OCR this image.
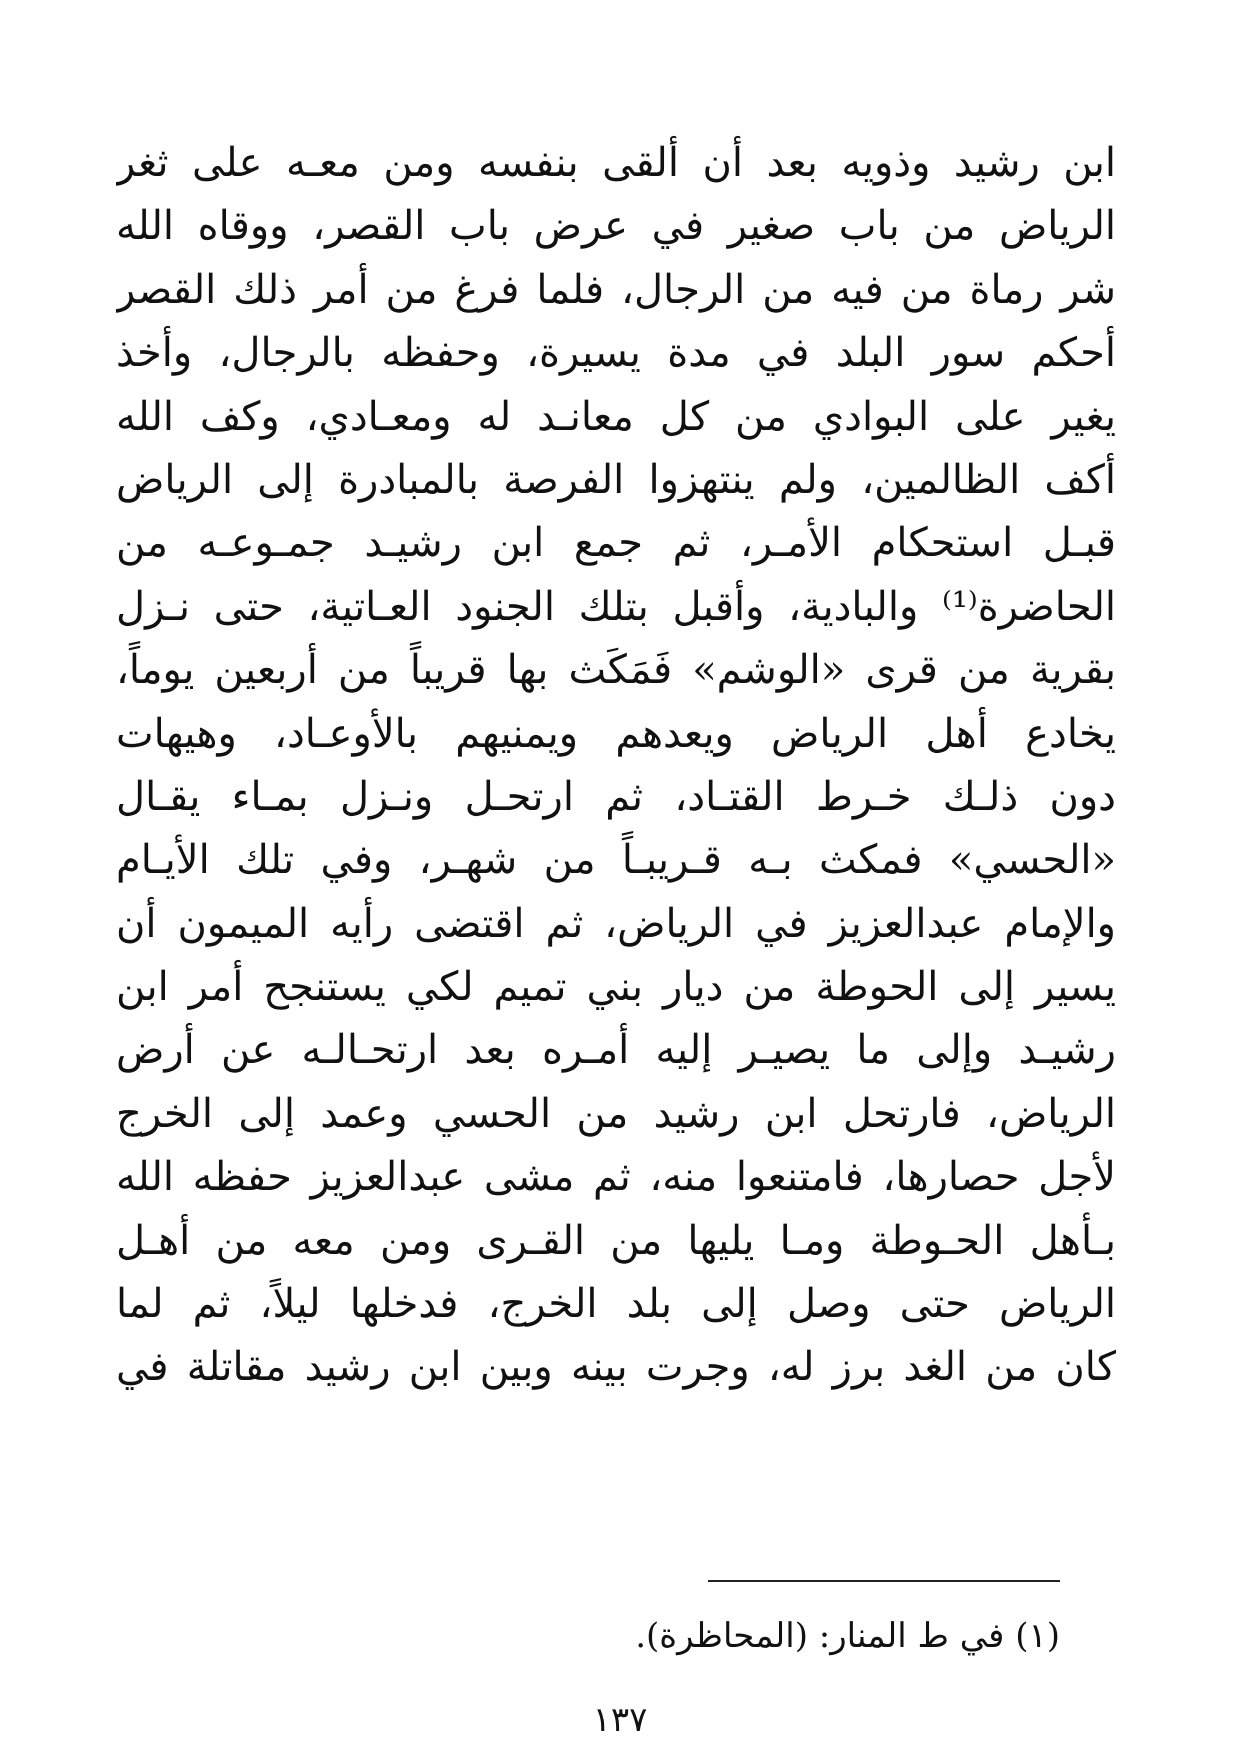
ابن رشيد وذويه بعد أن ألقى بنفسه ومن معـه على ثغر
الرياض من باب صغير في عرض باب القصر، ووقاه الله
شر رماة من فيه من الرجال، فلما فرغ من أمر ذلك القصر
أحكم سور البلد في مدة يسيرة، وحفظه بالرجال، وأخذ
يغير على البوادي من كل معانـد له ومعـادي، وكف الله
أكف الظالمين، ولم ينتهزوا الفرصة بالمبادرة إلى الرياض
قبـل استحكام الأمـر، ثم جمع ابن رشيـد جمـوعـه من
الحاضرة⁽¹⁾ والبادية، وأقبل بتلك الجنود العـاتية، حتى نـزل
بقرية من قرى «الوشم» فَمَكَث بها قريباً من أربعين يوماً،
يخادع أهل الرياض ويعدهم ويمنيهم بالأوعـاد، وهيهات
دون ذلـك خـرط القتـاد، ثم ارتحـل ونـزل بمـاء يقـال
«الحسي» فمكث بـه قـريبـاً من شهـر، وفي تلك الأيـام
والإمام عبدالعزيز في الرياض، ثم اقتضى رأيه الميمون أن
يسير إلى الحوطة من ديار بني تميم لكي يستنجح أمر ابن
رشيـد وإلى ما يصيـر إليه أمـره بعد ارتحـالـه عن أرض
الرياض، فارتحل ابن رشيد من الحسي وعمد إلى الخرج
لأجل حصارها، فامتنعوا منه، ثم مشى عبدالعزيز حفظه الله
بـأهل الحـوطة ومـا يليها من القـرى ومن معه من أهـل
الرياض حتى وصل إلى بلد الخرج، فدخلها ليلاً، ثم لما
كان من الغد برز له، وجرت بينه وبين ابن رشيد مقاتلة في
(١) في ط المنار: (المحاظرة).
١٣٧
